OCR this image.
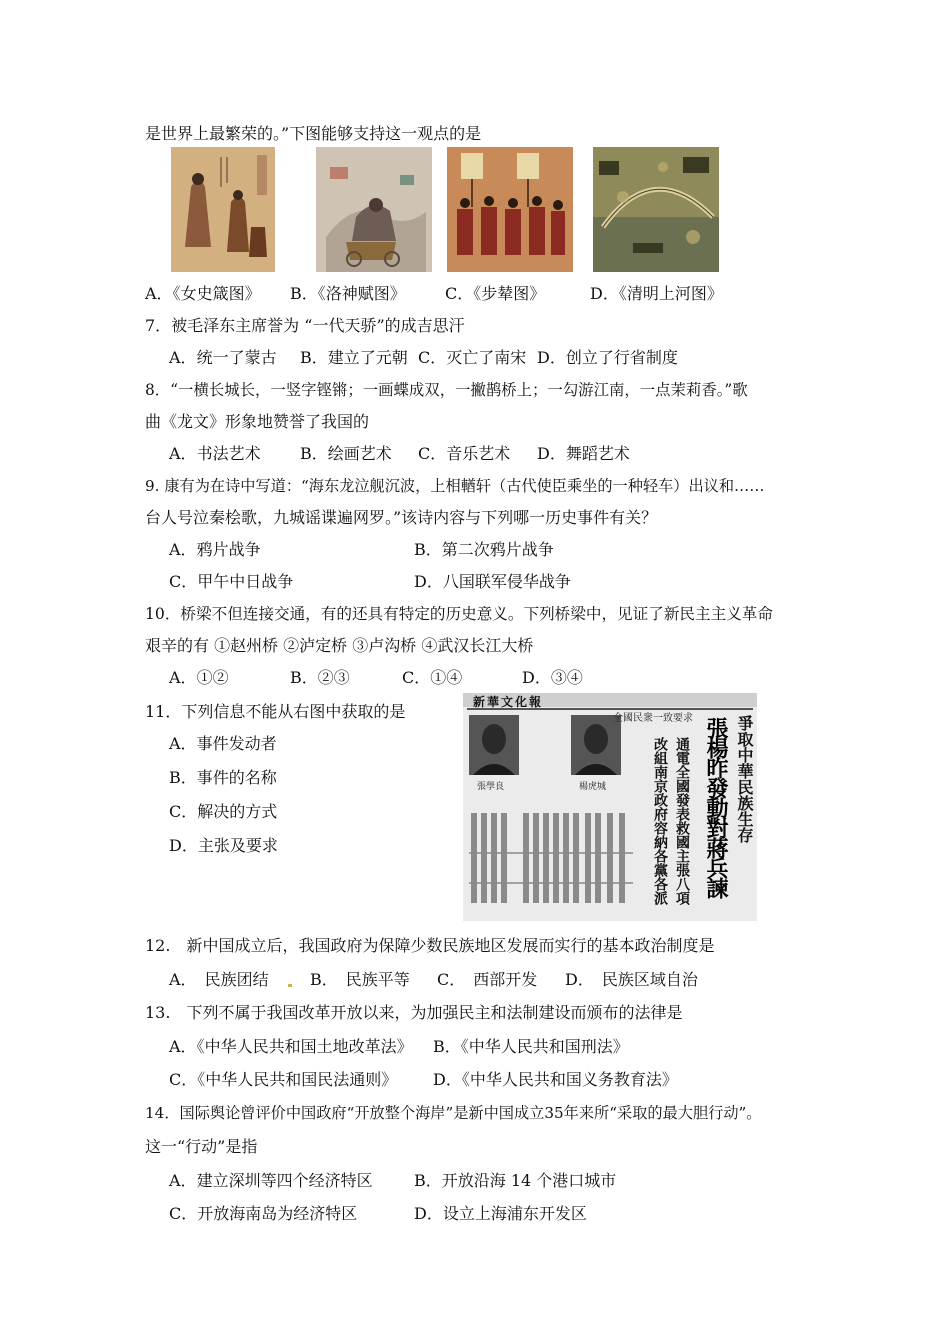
是世界上最繁荣的。”下图能够支持这一观点的是
A．《女史箴图》 B．《洛神赋图》 C．《步辇图》	D．《清明上河图》
7．被毛泽东主席誉为 “一代天骄”的成吉思汗
A．统一了蒙古 B．建立了元朝 C．灭亡了南宋 D．创立了行省制度
8．“一横长城长，一竖字铿锵；一画蝶成双，一撇鹊桥上；一勾游江南，一点茉莉香。”歌
曲《龙文》形象地赞誉了我国的
A．书法艺术 B．绘画艺术 C．音乐艺术 D．舞蹈艺术
9. 康有为在诗中写道：“海东龙泣舰沉波，上相輶轩（古代使臣乘坐的一种轻车）出议和……
台人号泣秦桧歌，九城谣谍遍网罗。”该诗内容与下列哪一历史事件有关？
A．鸦片战争	B．第二次鸦片战争
C．甲午中日战争	D．八国联军侵华战争
10．桥梁不但连接交通，有的还具有特定的历史意义。下列桥梁中，见证了新民主主义革命
艰辛的有 ①赵州桥 ②泸定桥 ③卢沟桥 ④武汉长江大桥
A．①②	B．②③	C．①④	D．③④
11．下列信息不能从右图中获取的是
A．事件发动者
B．事件的名称
C．解决的方式
D．主张及要求
新華文化報
全國民衆一致要求
張學良	楊虎城	爭取中華民族生存
張楊昨發動對蔣兵諫
通電全國發表救國主張八項
改組南京政府容納各黨各派
12.　新中国成立后，我国政府为保障少数民族地区发展而实行的基本政治制度是
A．　 民族团结	B．　 民族平等 C．　 西部开发 D．　 民族区域自治
13.　下列不属于我国改革开放以来，为加强民主和法制建设而颁布的法律是
A．《中华人民共和国土地改革法》 B．《中华人民共和国刑法》
C．《中华人民共和国民法通则》 D．《中华人民共和国义务教育法》
14．国际舆论曾评价中国政府“开放整个海岸”是新中国成立35年来所“采取的最大胆行动”。
这一“行动”是指
A．建立深圳等四个经济特区	B．开放沿海 14 个港口城市
C．开放海南岛为经济特区	D．设立上海浦东开发区
